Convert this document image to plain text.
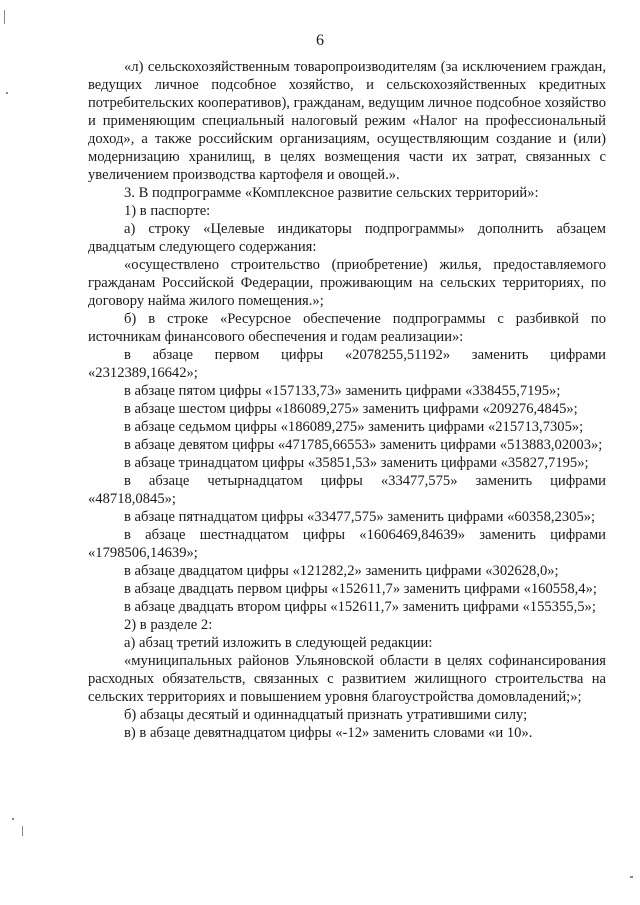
6

«л) сельскохозяйственным товаропроизводителям (за исключением граждан, ведущих личное подсобное хозяйство, и сельскохозяйственных кредитных потребительских кооперативов), гражданам, ведущим личное подсобное хозяйство и применяющим специальный налоговый режим «Налог на профессиональный доход», а также российским организациям, осуществляющим создание и (или) модернизацию хранилищ, в целях возмещения части их затрат, связанных с увеличением производства картофеля и овощей.».

3. В подпрограмме «Комплексное развитие сельских территорий»:

1) в паспорте:

а) строку «Целевые индикаторы подпрограммы» дополнить абзацем двадцатым следующего содержания:

«осуществлено строительство (приобретение) жилья, предоставляемого гражданам Российской Федерации, проживающим на сельских территориях, по договору найма жилого помещения.»;

б) в строке «Ресурсное обеспечение подпрограммы с разбивкой по источникам финансового обеспечения и годам реализации»:

в абзаце первом цифры «2078255,51192» заменить цифрами «2312389,16642»;

в абзаце пятом цифры «157133,73» заменить цифрами «338455,7195»;

в абзаце шестом цифры «186089,275» заменить цифрами «209276,4845»;

в абзаце седьмом цифры «186089,275» заменить цифрами «215713,7305»;

в абзаце девятом цифры «471785,66553» заменить цифрами «513883,02003»;

в абзаце тринадцатом цифры «35851,53» заменить цифрами «35827,7195»;

в абзаце четырнадцатом цифры «33477,575» заменить цифрами «48718,0845»;

в абзаце пятнадцатом цифры «33477,575» заменить цифрами «60358,2305»;

в абзаце шестнадцатом цифры «1606469,84639» заменить цифрами «1798506,14639»;

в абзаце двадцатом цифры «121282,2» заменить цифрами «302628,0»;

в абзаце двадцать первом цифры «152611,7» заменить цифрами «160558,4»;

в абзаце двадцать втором цифры «152611,7» заменить цифрами «155355,5»;

2) в разделе 2:

а) абзац третий изложить в следующей редакции:

«муниципальных районов Ульяновской области в целях софинансирования расходных обязательств, связанных с развитием жилищного строительства на сельских территориях и повышением уровня благоустройства домовладений;»;

б) абзацы десятый и одиннадцатый признать утратившими силу;

в) в абзаце девятнадцатом цифры «-12» заменить словами «и 10».
